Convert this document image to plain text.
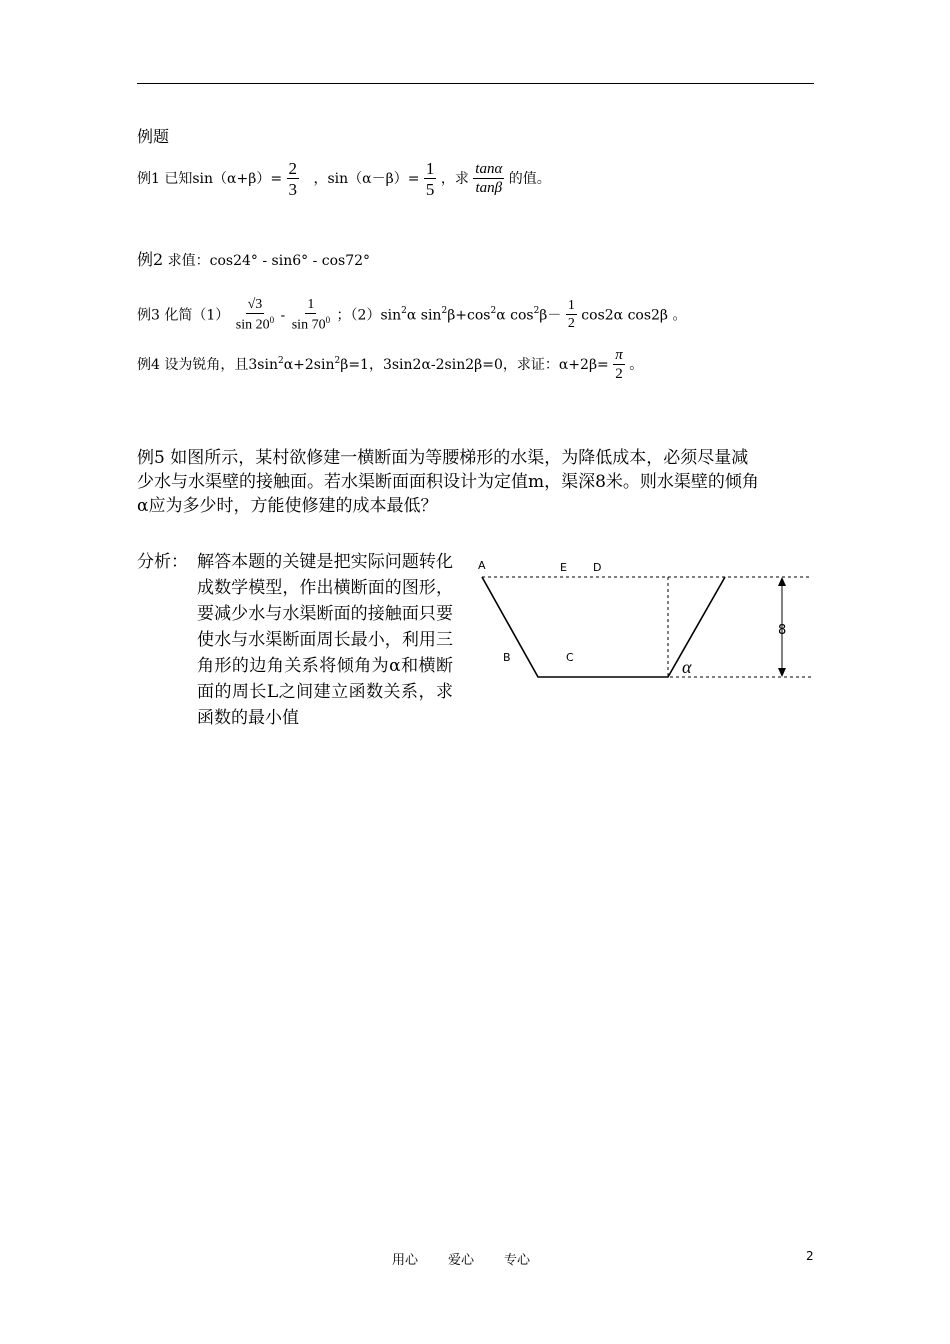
例题
例1 已知$\sin(\alpha+\beta)= \frac{2}{3}$ ，$\sin(\alpha-\beta)= \frac{1}{5}$ ，求 $\frac{\tan\alpha}{\tan\beta}$ 的值。
例2 求值：cos24° - sin6° - cos72°
例3 化简$(1) \frac{√3}{\sin 20^0} - \frac{1}{\sin 70^0}$ ；$(2)\sin^2\alpha$ $\sin^2\beta+\cos^2\alpha$ $\cos^2\beta- \frac{1}{2} \cos 2\alpha$ cos2β 。
例4 设为锐角，且$3\sin^2\alpha+2\sin^2\beta=1$，3sin2α-2sin2β=0，求证：$\alpha+2\beta= \frac{\pi}{2}$ 。
例5 如图所示，某村欲修建一横断面为等腰梯形的水渠，为降低成本，必须尽量减
少水与水渠壁的接触面。若水渠断面面积设计为定值m，渠深8米。则水渠壁的倾角
α应为多少时，方能使修建的成本最低？
分析： 解答本题的关键是把实际问题转化成数学模型，作出横断面的图形，要减少水与水渠断面的接触面只要使水与水渠断面周长最小，利用三角形的边角关系将倾角为α和横断面的周长L之间建立函数关系，求函数的最小值
A	E D
B	C	α
8
用心 爱心 专心	2
